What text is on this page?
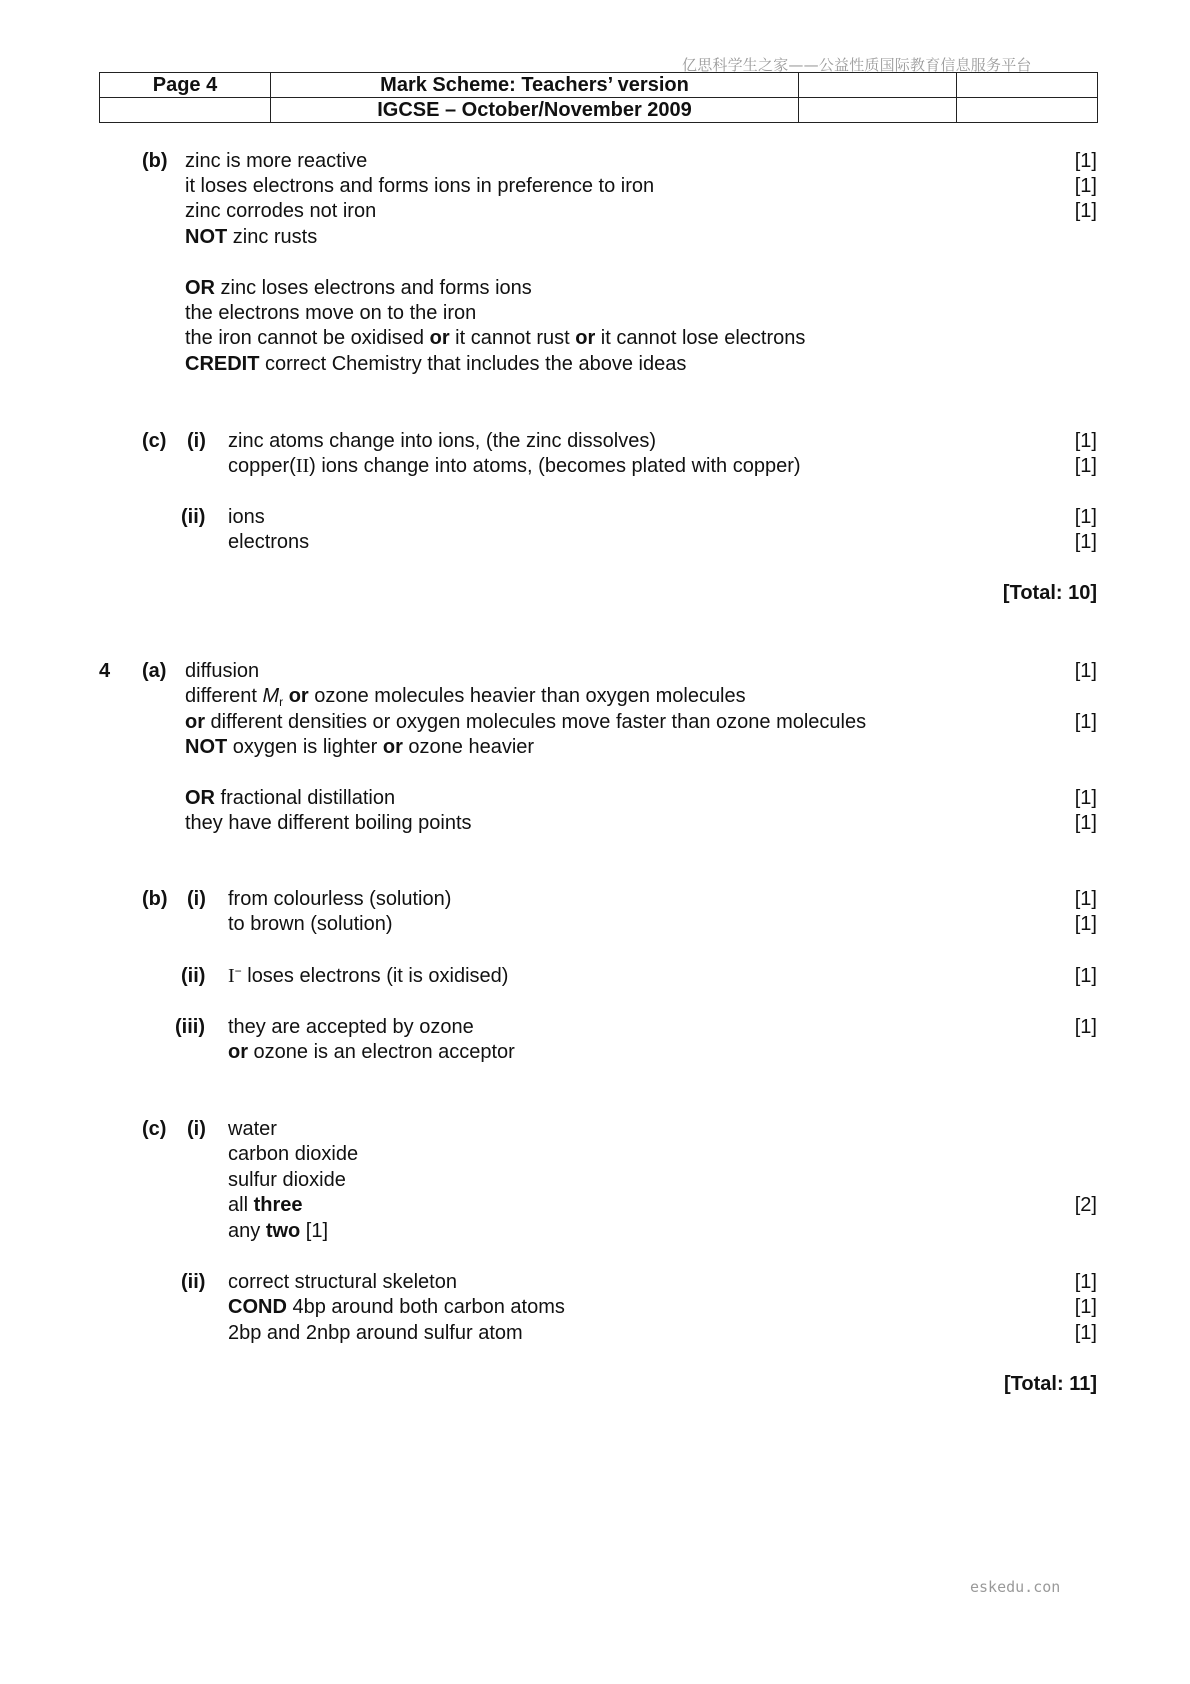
亿思科学生之家——公益性质国际教育信息服务平台
Page 4	Mark Scheme: Teachers’ version		
	IGCSE – October/November 2009		
(b) zinc is more reactive	[1]
it loses electrons and forms ions in preference to iron	[1]
zinc corrodes not iron	[1]
NOT zinc rusts
OR zinc loses electrons and forms ions
the electrons move on to the iron
the iron cannot be oxidised or it cannot rust or it cannot lose electrons
CREDIT correct Chemistry that includes the above ideas
(c) (i) zinc atoms change into ions, (the zinc dissolves)	[1]
copper(II) ions change into atoms, (becomes plated with copper)	[1]
(ii) ions	[1]
electrons	[1]
[Total: 10]
4 (a) diffusion	[1]
different $M_r$ or ozone molecules heavier than oxygen molecules
or different densities or oxygen molecules move faster than ozone molecules	[1]
NOT oxygen is lighter or ozone heavier
OR fractional distillation	[1]
they have different boiling points	[1]
(b) (i) from colourless (solution)	[1]
to brown (solution)	[1]
(ii) I− loses electrons (it is oxidised)	[1]
(iii) they are accepted by ozone	[1]
or ozone is an electron acceptor
(c) (i) water
carbon dioxide
sulfur dioxide
all three	[2]
any two [1]
(ii) correct structural skeleton	[1]
COND 4bp around both carbon atoms	[1]
2bp and 2nbp around sulfur atom	[1]
[Total: 11]
eskedu.con
